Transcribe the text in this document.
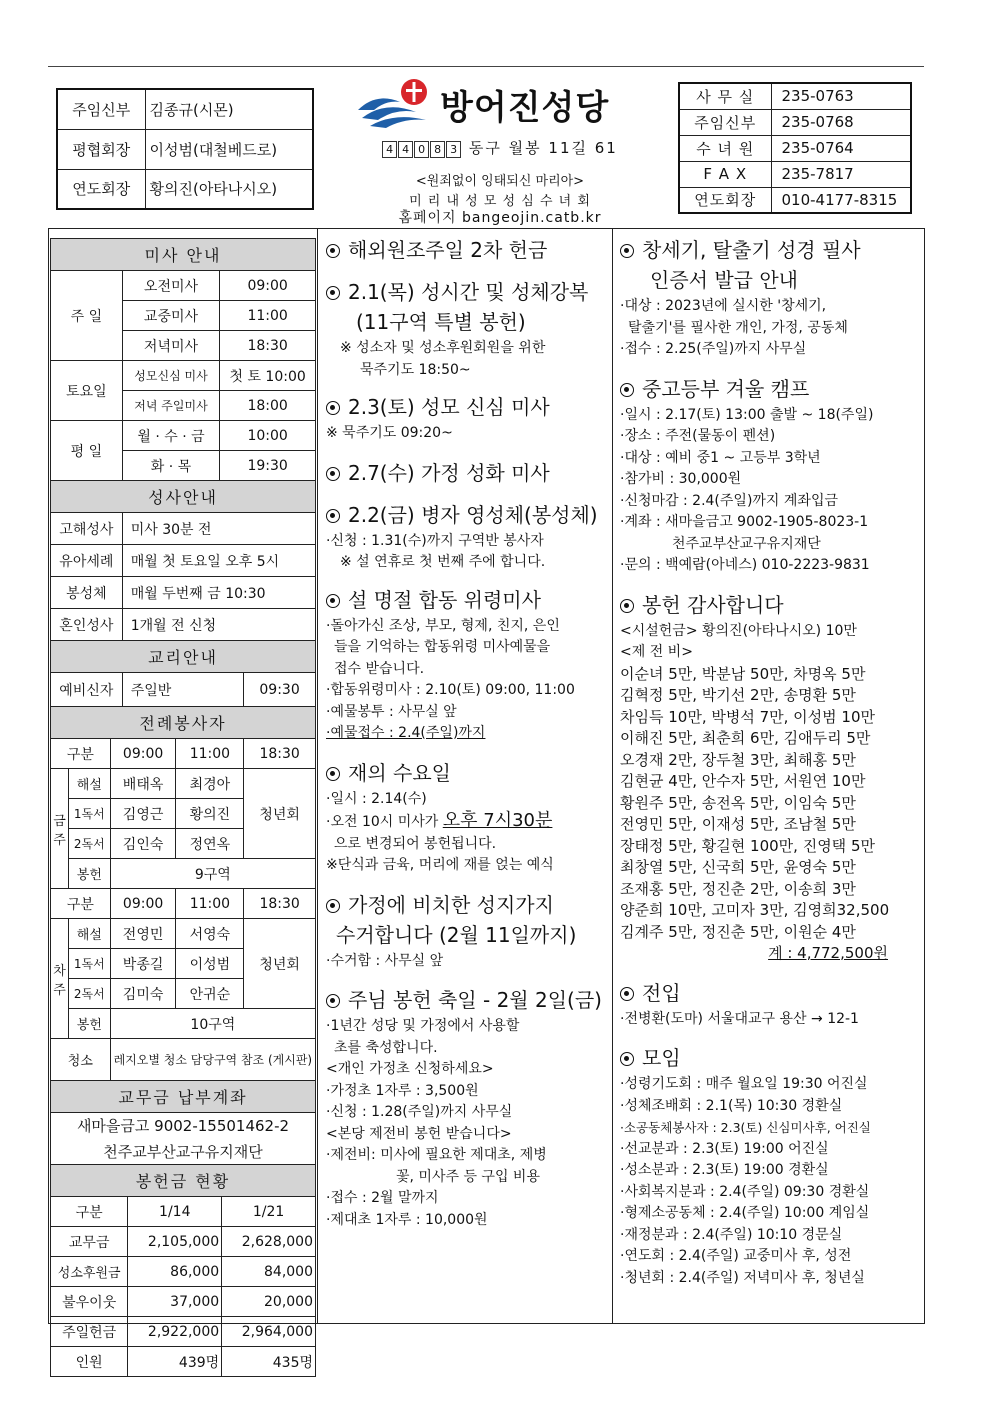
주임신부	김종규(시몬)
평협회장	이성범(대철베드로)
연도회장	황의진(아타나시오)
방어진성당
4 4 0 8 3 동구 월봉 11길 61
<원죄없이 잉태되신 마리아>
미 리 내 성 모 성 심 수 녀 회
홈페이지 bangeojin.catb.kr
사 무 실	235-0763
주임신부	235-0768
수 녀 원	235-0764
F A X	235-7817
연도회장	010-4177-8315
미사 안내		
주 일	오전미사	09:00
	교중미사	11:00
	저녁미사	18:30
토요일	성모신심 미사	첫 토 10:00
	저녁 주일미사	18:00
평 일	월 · 수 · 금	10:00
	화 · 목	19:30
성사안내	
고해성사	미사 30분 전
유아세례	매월 첫 토요일 오후 5시
봉성체	매월 두번째 금 10:30
혼인성사	1개월 전 신청
교리안내
예비신자	주일반	09:30
전례봉사자				
구분		09:00	11:00	18:30
금주	해설	배태옥	최경아	청년회
	1독서	김영근	황의진	
	2독서	김인숙	정연옥	
	봉헌	9구역		
구분		09:00	11:00	18:30
차주	해설	전영민	서영숙	청년회
	1독서	박종길	이성범	
	2독서	김미숙	안귀순	
	봉헌	10구역		
청소		레지오별 청소 담당구역 참조 (게시판)		
교무금 납부계좌		
새마을금고 9002-15501462-2		
천주교부산교구유지재단		
봉헌금 현황		
구분	1/14	1/21
교무금	2,105,000	2,628,000
성소후원금	86,000	84,000
불우이웃	37,000	20,000
주일헌금	2,922,000	2,964,000
인원	439명	435명
해외원조주일 2차 헌금
2.1(목) 성시간 및 성체강복
(11구역 특별 봉헌)
※ 성소자 및 성소후원회원을 위한
묵주기도 18:50~
2.3(토) 성모 신심 미사
※ 묵주기도 09:20~
2.7(수) 가정 성화 미사
2.2(금) 병자 영성체(봉성체)
·신청 : 1.31(수)까지 구역반 봉사자
※ 설 연휴로 첫 번째 주에 합니다.
설 명절 합동 위령미사
·돌아가신 조상, 부모, 형제, 친지, 은인
들을 기억하는 합동위령 미사예물을
접수 받습니다.
·합동위령미사 : 2.10(토) 09:00, 11:00
·예물봉투 : 사무실 앞
·예물접수 : 2.4(주일)까지
재의 수요일
·일시 : 2.14(수)
·오전 10시 미사가 오후 7시30분
으로 변경되어 봉헌됩니다.
※단식과 금육, 머리에 재를 얹는 예식
가정에 비치한 성지가지
수거합니다 (2월 11일까지)
·수거함 : 사무실 앞
주님 봉헌 축일 - 2월 2일(금)
·1년간 성당 및 가정에서 사용할
초를 축성합니다.
<개인 가정초 신청하세요>
·가정초 1자루 : 3,500원
·신청 : 1.28(주일)까지 사무실
<본당 제전비 봉헌 받습니다>
·제전비: 미사에 필요한 제대초, 제병
꽃, 미사주 등 구입 비용
·접수 : 2월 말까지
·제대초 1자루 : 10,000원
창세기, 탈출기 성경 필사
인증서 발급 안내
·대상 : 2023년에 실시한 '창세기,
탈출기'를 필사한 개인, 가정, 공동체
·접수 : 2.25(주일)까지 사무실
중고등부 겨울 캠프
·일시 : 2.17(토) 13:00 출발 ~ 18(주일)
·장소 : 주전(물동이 펜션)
·대상 : 예비 중1 ~ 고등부 3학년
·참가비 : 30,000원
·신청마감 : 2.4(주일)까지 계좌입금
·계좌 : 새마을금고 9002-1905-8023-1
천주교부산교구유지재단
·문의 : 백예람(아네스) 010-2223-9831
봉헌 감사합니다
<시설헌금> 황의진(아타나시오) 10만
<제 전 비>
이순녀 5만, 박분남 50만, 차명옥 5만
김혁정 5만, 박기선 2만, 송명환 5만
차임득 10만, 박병석 7만, 이성범 10만
이해진 5만, 최춘희 6만, 김애두리 5만
오경재 2만, 장두철 3만, 최해홍 5만
김현균 4만, 안수자 5만, 서원연 10만
황원주 5만, 송전옥 5만, 이임숙 5만
전영민 5만, 이재성 5만, 조남철 5만
장태정 5만, 황길현 100만, 진영택 5만
최창열 5만, 신국희 5만, 윤영숙 5만
조재홍 5만, 정진춘 2만, 이송희 3만
양준희 10만, 고미자 3만, 김영희32,500
김계주 5만, 정진춘 5만, 이원순 4만
계 : 4,772,500원
전입
·전병환(도마) 서울대교구 용산 → 12-1
모임
·성령기도회 : 매주 월요일 19:30 어진실
·성체조배회 : 2.1(목) 10:30 경환실
·소공동체봉사자 : 2.3(토) 신심미사후, 어진실
·선교분과 : 2.3(토) 19:00 어진실
·성소분과 : 2.3(토) 19:00 경환실
·사회복지분과 : 2.4(주일) 09:30 경환실
·형제소공동체 : 2.4(주일) 10:00 계임실
·재정분과 : 2.4(주일) 10:10 경문실
·연도회 : 2.4(주일) 교중미사 후, 성전
·청년회 : 2.4(주일) 저녁미사 후, 청년실
